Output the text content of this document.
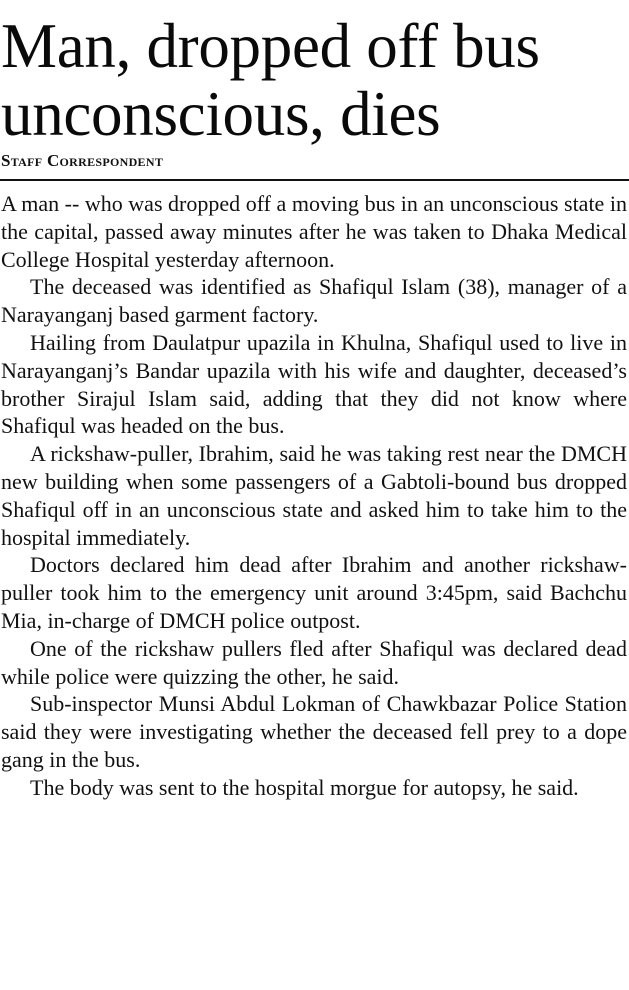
Man, dropped off bus unconscious, dies
Staff Correspondent

A man -- who was dropped off a moving bus in an unconscious state in the capital, passed away minutes after he was taken to Dhaka Medical College Hospital yesterday afternoon.

The deceased was identified as Shafiqul Islam (38), manager of a Narayanganj based garment factory.

Hailing from Daulatpur upazila in Khulna, Shafiqul used to live in Narayanganj’s Bandar upazila with his wife and daughter, deceased’s brother Sirajul Islam said, adding that they did not know where Shafiqul was headed on the bus.

A rickshaw-puller, Ibrahim, said he was taking rest near the DMCH new building when some passengers of a Gabtoli-bound bus dropped Shafiqul off in an unconscious state and asked him to take him to the hospital immediately.

Doctors declared him dead after Ibrahim and another rickshaw-puller took him to the emergency unit around 3:45pm, said Bachchu Mia, in-charge of DMCH police outpost.

One of the rickshaw pullers fled after Shafiqul was declared dead while police were quizzing the other, he said.

Sub-inspector Munsi Abdul Lokman of Chawkbazar Police Station said they were investigating whether the deceased fell prey to a dope gang in the bus.

The body was sent to the hospital morgue for autopsy, he said.
